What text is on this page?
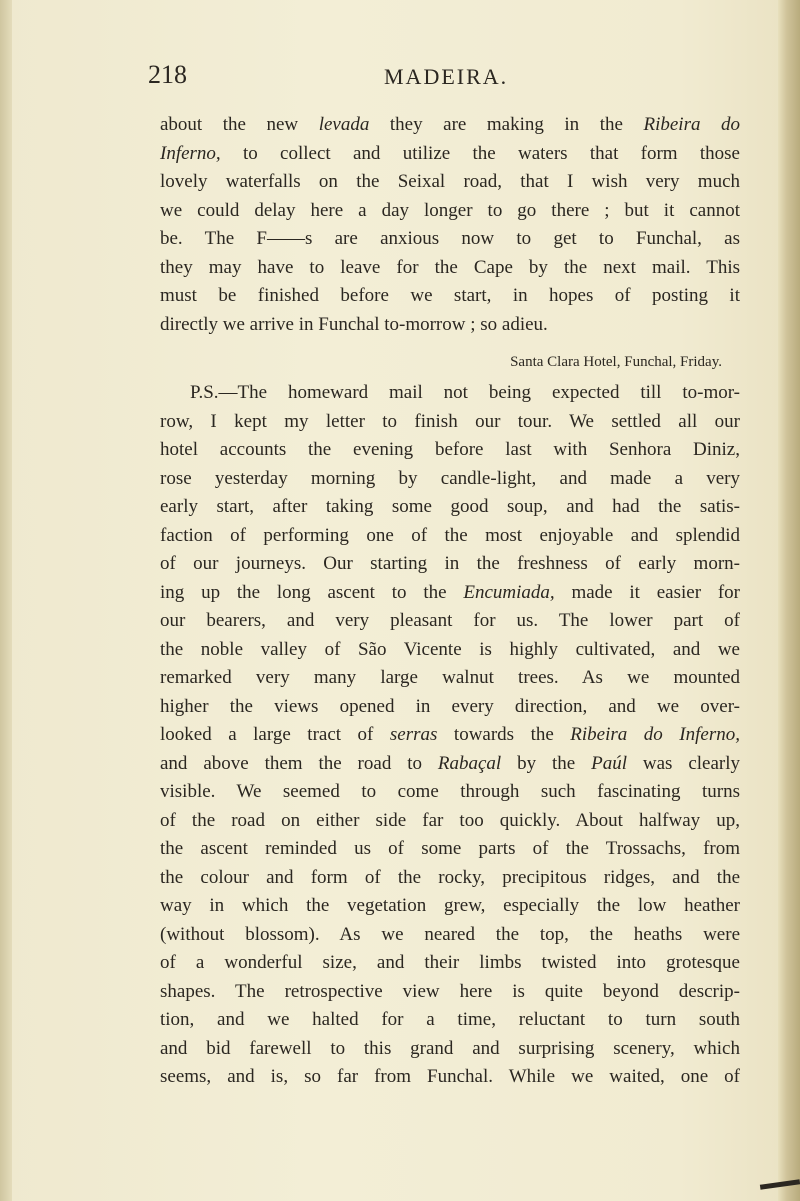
218	MADEIRA.
about the new levada they are making in the Ribeira do
Inferno, to collect and utilize the waters that form those
lovely waterfalls on the Seixal road, that I wish very much
we could delay here a day longer to go there ; but it cannot
be. The F——s are anxious now to get to Funchal, as
they may have to leave for the Cape by the next mail. This
must be finished before we start, in hopes of posting it
directly we arrive in Funchal to-morrow ; so adieu.
Santa Clara Hotel, Funchal, Friday.
P.S.—The homeward mail not being expected till to-mor-
row, I kept my letter to finish our tour. We settled all our
hotel accounts the evening before last with Senhora Diniz,
rose yesterday morning by candle-light, and made a very
early start, after taking some good soup, and had the satis-
faction of performing one of the most enjoyable and splendid
of our journeys. Our starting in the freshness of early morn-
ing up the long ascent to the Encumiada, made it easier for
our bearers, and very pleasant for us. The lower part of
the noble valley of São Vicente is highly cultivated, and we
remarked very many large walnut trees. As we mounted
higher the views opened in every direction, and we over-
looked a large tract of serras towards the Ribeira do Inferno,
and above them the road to Rabaçal by the Paúl was clearly
visible. We seemed to come through such fascinating turns
of the road on either side far too quickly. About halfway up,
the ascent reminded us of some parts of the Trossachs, from
the colour and form of the rocky, precipitous ridges, and the
way in which the vegetation grew, especially the low heather
(without blossom). As we neared the top, the heaths were
of a wonderful size, and their limbs twisted into grotesque
shapes. The retrospective view here is quite beyond descrip-
tion, and we halted for a time, reluctant to turn south
and bid farewell to this grand and surprising scenery, which
seems, and is, so far from Funchal. While we waited, one of
